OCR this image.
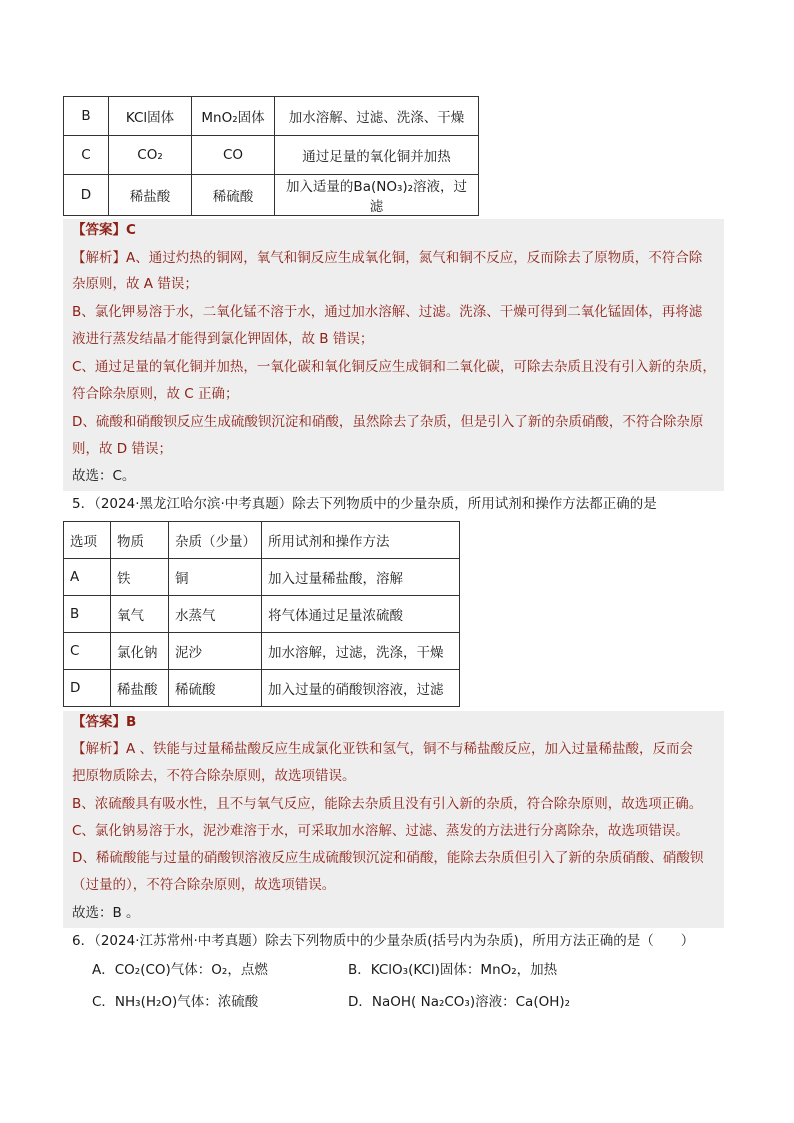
B	KCl固体	MnO₂固体	加水溶解、过滤、洗涤、干燥
C	CO₂	CO	通过足量的氧化铜并加热
D	稀盐酸	稀硫酸	加入适量的Ba(NO₃)₂溶液，过滤
【答案】C
【解析】A、通过灼热的铜网，氧气和铜反应生成氧化铜，氮气和铜不反应，反而除去了原物质，不符合除
杂原则，故 A 错误；
B、氯化钾易溶于水，二氧化锰不溶于水，通过加水溶解、过滤。洗涤、干燥可得到二氧化锰固体，再将滤
液进行蒸发结晶才能得到氯化钾固体，故 B 错误；
C、通过足量的氧化铜并加热，一氧化碳和氧化铜反应生成铜和二氧化碳，可除去杂质且没有引入新的杂质，
符合除杂原则，故 C 正确；
D、硫酸和硝酸钡反应生成硫酸钡沉淀和硝酸，虽然除去了杂质，但是引入了新的杂质硝酸，不符合除杂原
则，故 D 错误；
故选：C。
5．（2024·黑龙江哈尔滨·中考真题）除去下列物质中的少量杂质，所用试剂和操作方法都正确的是
选项	物质	杂质（少量）	所用试剂和操作方法
A	铁	铜	加入过量稀盐酸，溶解
B	氧气	水蒸气	将气体通过足量浓硫酸
C	氯化钠	泥沙	加水溶解，过滤，洗涤，干燥
D	稀盐酸	稀硫酸	加入过量的硝酸钡溶液，过滤
【答案】B
【解析】A 、铁能与过量稀盐酸反应生成氯化亚铁和氢气，铜不与稀盐酸反应，加入过量稀盐酸，反而会
把原物质除去，不符合除杂原则，故选项错误。
B、浓硫酸具有吸水性，且不与氧气反应，能除去杂质且没有引入新的杂质，符合除杂原则，故选项正确。
C、氯化钠易溶于水，泥沙难溶于水，可采取加水溶解、过滤、蒸发的方法进行分离除杂，故选项错误。
D、稀硫酸能与过量的硝酸钡溶液反应生成硫酸钡沉淀和硝酸，能除去杂质但引入了新的杂质硝酸、硝酸钡
（过量的），不符合除杂原则，故选项错误。
故选：B 。
6．（2024·江苏常州·中考真题）除去下列物质中的少量杂质(括号内为杂质)，所用方法正确的是（　　）
A．CO₂(CO)气体：O₂，点燃	B．KClO₃(KCl)固体：MnO₂，加热
C．NH₃(H₂O)气体：浓硫酸	D．NaOH( Na₂CO₃)溶液：Ca(OH)₂
